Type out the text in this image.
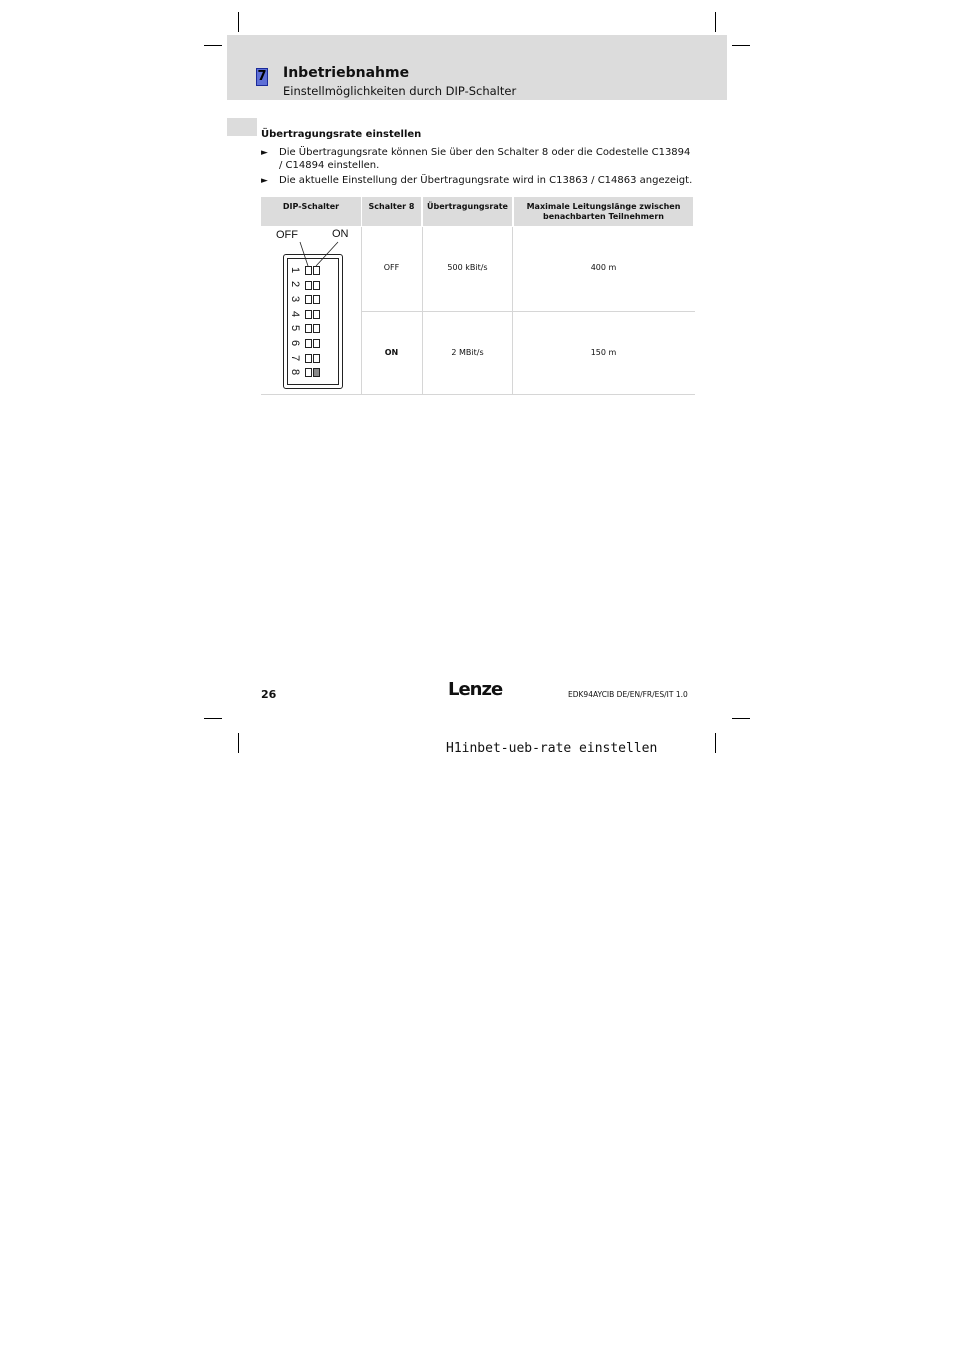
7 Inbetriebnahme
Einstellmöglichkeiten durch DIP-Schalter
Übertragungsrate einstellen
► Die Übertragungsrate können Sie über den Schalter 8 oder die Codestelle C13894 / C14894 einstellen.
► Die aktuelle Einstellung der Übertragungsrate wird in C13863 / C14863 angezeigt.
DIP-Schalter	Schalter 8	Übertragungsrate	Maximale Leitungslänge zwischen benachbarten Teilnehmern
OFF	500 kBit/s	400 m
ON	2 MBit/s	150 m
OFF	ON
1
2
3
4
5
6
7
8
26	Lenze	EDK94AYCIB DE/EN/FR/ES/IT 1.0
H1inbet-ueb-rate einstellen
